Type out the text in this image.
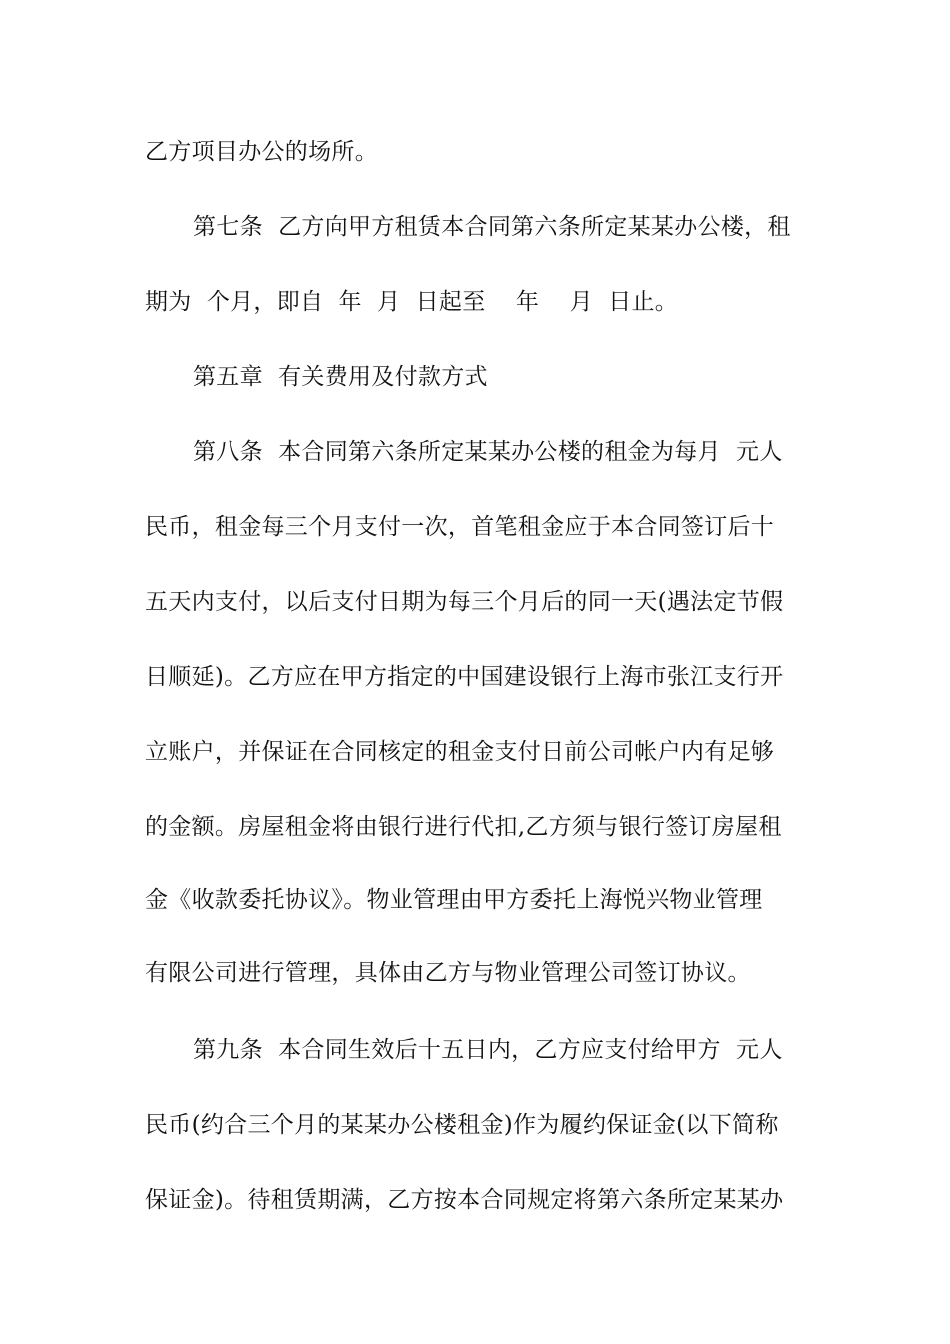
乙方项目办公的场所。
第七条  乙方向甲方租赁本合同第六条所定某某办公楼，租
期为  个月，即自  年  月  日起至    年    月  日止。
第五章  有关费用及付款方式
第八条  本合同第六条所定某某办公楼的租金为每月  元人
民币，租金每三个月支付一次，首笔租金应于本合同签订后十
五天内支付，以后支付日期为每三个月后的同一天(遇法定节假
日顺延)。乙方应在甲方指定的中国建设银行上海市张江支行开
立账户，并保证在合同核定的租金支付日前公司帐户内有足够
的金额。房屋租金将由银行进行代扣,乙方须与银行签订房屋租
金《收款委托协议》。物业管理由甲方委托上海悦兴物业管理
有限公司进行管理，具体由乙方与物业管理公司签订协议。
第九条  本合同生效后十五日内，乙方应支付给甲方  元人
民币(约合三个月的某某办公楼租金)作为履约保证金(以下简称
保证金)。待租赁期满，乙方按本合同规定将第六条所定某某办
